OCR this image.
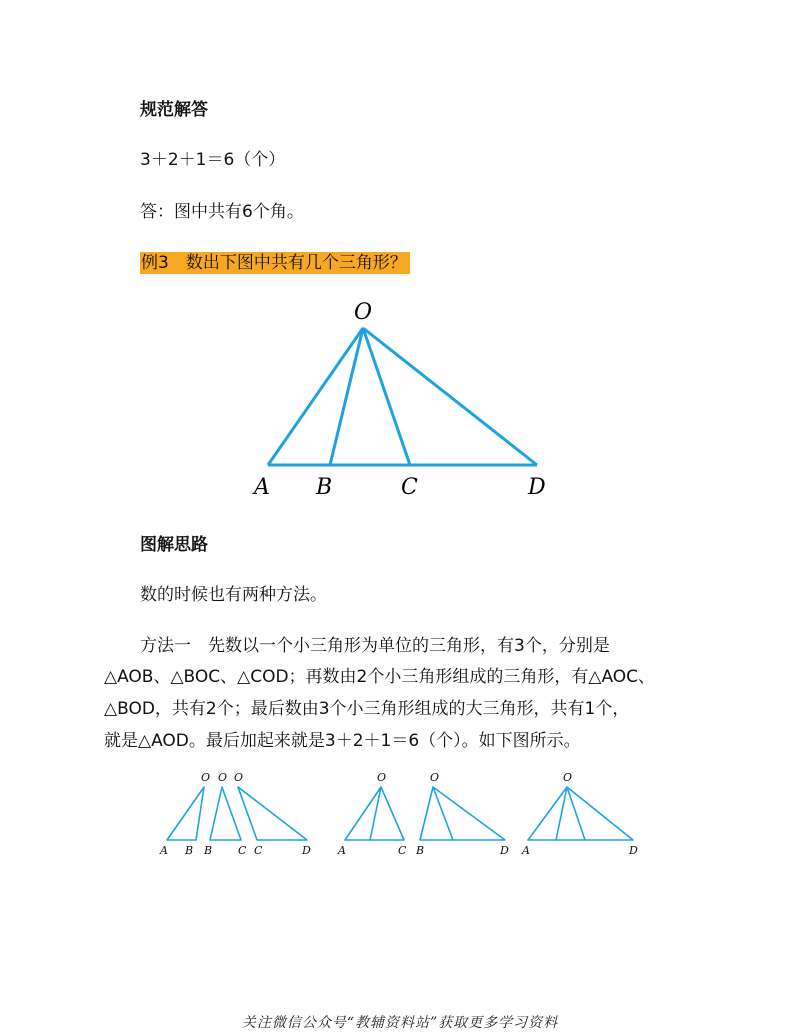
规范解答
3＋2＋1＝6（个）
答：图中共有6个角。
例3　数出下图中共有几个三角形？
O
A B	C	D
O O O
A B B C C	D
O	O
A	C B	D
O
A	D
图解思路
数的时候也有两种方法。
方法一　先数以一个小三角形为单位的三角形，有3个，分别是
△AOB、△BOC、△COD；再数由2个小三角形组成的三角形，有△AOC、
△BOD，共有2个；最后数由3个小三角形组成的大三角形，共有1个，
就是△AOD。最后加起来就是3＋2＋1＝6（个）。如下图所示。
关注微信公众号“教辅资料站”获取更多学习资料
